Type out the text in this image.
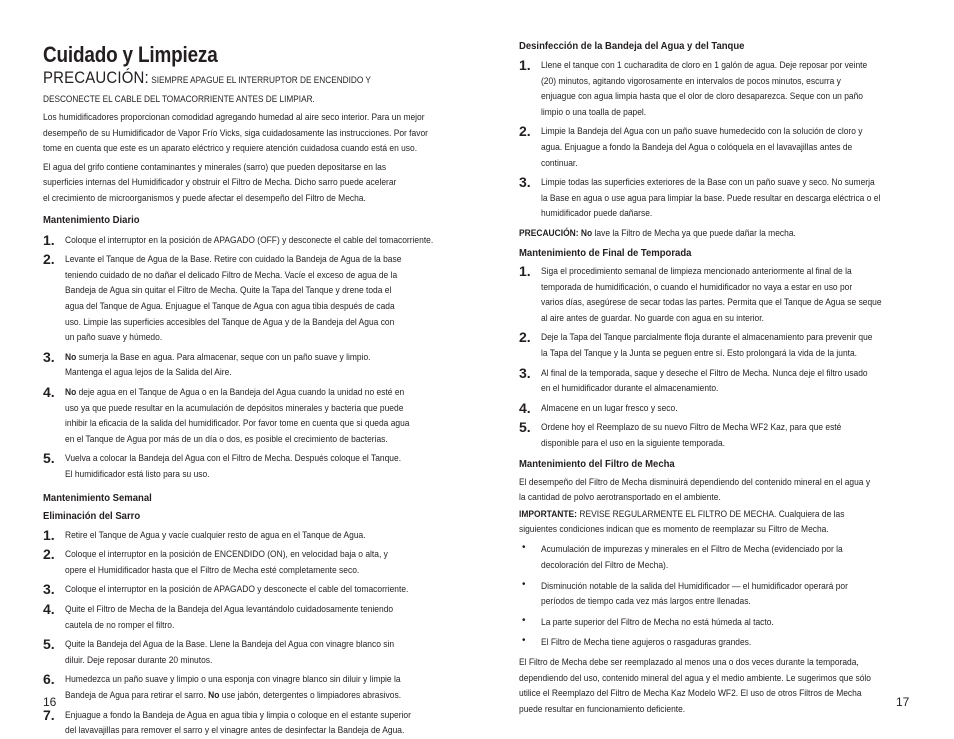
Cuidado y Limpieza
PRECAUCIÓN: SIEMPRE APAGUE EL INTERRUPTOR DE ENCENDIDO Y
DESCONECTE EL CABLE DEL TOMACORRIENTE ANTES DE LIMPIAR.
Los humidificadores proporcionan comodidad agregando humedad al aire seco interior. Para un mejor
desempeño de su Humidificador de Vapor Frío Vicks, siga cuidadosamente las instrucciones. Por favor
tome en cuenta que este es un aparato eléctrico y requiere atención cuidadosa cuando está en uso.
El agua del grifo contiene contaminantes y minerales (sarro) que pueden depositarse en las
superficies internas del Humidificador y obstruir el Filtro de Mecha. Dicho sarro puede acelerar
el crecimiento de microorganismos y puede afectar el desempeño del Filtro de Mecha.
Mantenimiento Diario
1.	Coloque el interruptor en la posición de APAGADO (OFF) y desconecte el cable del tomacorriente.
2.	Levante el Tanque de Agua de la Base. Retire con cuidado la Bandeja de Agua de la base
teniendo cuidado de no dañar el delicado Filtro de Mecha. Vacíe el exceso de agua de la
Bandeja de Agua sin quitar el Filtro de Mecha. Quite la Tapa del Tanque y drene toda el
agua del Tanque de Agua. Enjuague el Tanque de Agua con agua tibia después de cada
uso. Limpie las superficies accesibles del Tanque de Agua y de la Bandeja del Agua con
un paño suave y húmedo.
3.	No sumerja la Base en agua. Para almacenar, seque con un paño suave y limpio.
Mantenga el agua lejos de la Salida del Aire.
4.	No deje agua en el Tanque de Agua o en la Bandeja del Agua cuando la unidad no esté en
uso ya que puede resultar en la acumulación de depósitos minerales y bacteria que puede
inhibir la eficacia de la salida del humidificador. Por favor tome en cuenta que si queda agua
en el Tanque de Agua por más de un día o dos, es posible el crecimiento de bacterias.
5.	Vuelva a colocar la Bandeja del Agua con el Filtro de Mecha. Después coloque el Tanque.
El humidificador está listo para su uso.
Mantenimiento Semanal
Eliminación del Sarro
1.	Retire el Tanque de Agua y vacíe cualquier resto de agua en el Tanque de Agua.
2.	Coloque el interruptor en la posición de ENCENDIDO (ON), en velocidad baja o alta, y
opere el Humidificador hasta que el Filtro de Mecha esté completamente seco.
3.	Coloque el interruptor en la posición de APAGADO y desconecte el cable del tomacorriente.
4.	Quite el Filtro de Mecha de la Bandeja del Agua levantándolo cuidadosamente teniendo
cautela de no romper el filtro.
5.	Quite la Bandeja del Agua de la Base. Llene la Bandeja del Agua con vinagre blanco sin
diluir. Deje reposar durante 20 minutos.
6.	Humedezca un paño suave y limpio o una esponja con vinagre blanco sin diluir y limpie la
Bandeja de Agua para retirar el sarro. No use jabón, detergentes o limpiadores abrasivos.
7.	Enjuague a fondo la Bandeja de Agua en agua tibia y limpia o coloque en el estante superior
del lavavajillas para remover el sarro y el vinagre antes de desinfectar la Bandeja de Agua.
16
Desinfección de la Bandeja del Agua y del Tanque
1.	Llene el tanque con 1 cucharadita de cloro en 1 galón de agua. Deje reposar por veinte
(20) minutos, agitando vigorosamente en intervalos de pocos minutos, escurra y
enjuague con agua limpia hasta que el olor de cloro desaparezca. Seque con un paño
limpio o una toalla de papel.
2.	Limpie la Bandeja del Agua con un paño suave humedecido con la solución de cloro y
agua. Enjuague a fondo la Bandeja del Agua o colóquela en el lavavajillas antes de
continuar.
3.	Limpie todas las superficies exteriores de la Base con un paño suave y seco. No sumerja
la Base en agua o use agua para limpiar la base. Puede resultar en descarga eléctrica o el
humidificador puede dañarse.
PRECAUCIÓN: No lave la Filtro de Mecha ya que puede dañar la mecha.
Mantenimiento de Final de Temporada
1.	Siga el procedimiento semanal de limpieza mencionado anteriormente al final de la
temporada de humidificación, o cuando el humidificador no vaya a estar en uso por
varios días, asegúrese de secar todas las partes. Permita que el Tanque de Agua se seque
al aire antes de guardar. No guarde con agua en su interior.
2.	Deje la Tapa del Tanque parcialmente floja durante el almacenamiento para prevenir que
la Tapa del Tanque y la Junta se peguen entre sí. Esto prolongará la vida de la junta.
3.	Al final de la temporada, saque y deseche el Filtro de Mecha. Nunca deje el filtro usado
en el humidificador durante el almacenamiento.
4.	Almacene en un lugar fresco y seco.
5.	Ordene hoy el Reemplazo de su nuevo Filtro de Mecha WF2 Kaz, para que esté
disponible para el uso en la siguiente temporada.
Mantenimiento del Filtro de Mecha
El desempeño del Filtro de Mecha disminuirá dependiendo del contenido mineral en el agua y
la cantidad de polvo aerotransportado en el ambiente.
IMPORTANTE: REVISE REGULARMENTE EL FILTRO DE MECHA. Cualquiera de las
siguientes condiciones indican que es momento de reemplazar su Filtro de Mecha.
• Acumulación de impurezas y minerales en el Filtro de Mecha (evidenciado por la
decoloración del Filtro de Mecha).
• Disminución notable de la salida del Humidificador — el humidificador operará por
períodos de tiempo cada vez más largos entre llenadas.
• La parte superior del Filtro de Mecha no está húmeda al tacto.
• El Filtro de Mecha tiene agujeros o rasgaduras grandes.
El Filtro de Mecha debe ser reemplazado al menos una o dos veces durante la temporada,
dependiendo del uso, contenido mineral del agua y el medio ambiente. Le sugerimos que sólo
utilice el Reemplazo del Filtro de Mecha Kaz Modelo WF2. El uso de otros Filtros de Mecha
puede resultar en funcionamiento deficiente.
17
